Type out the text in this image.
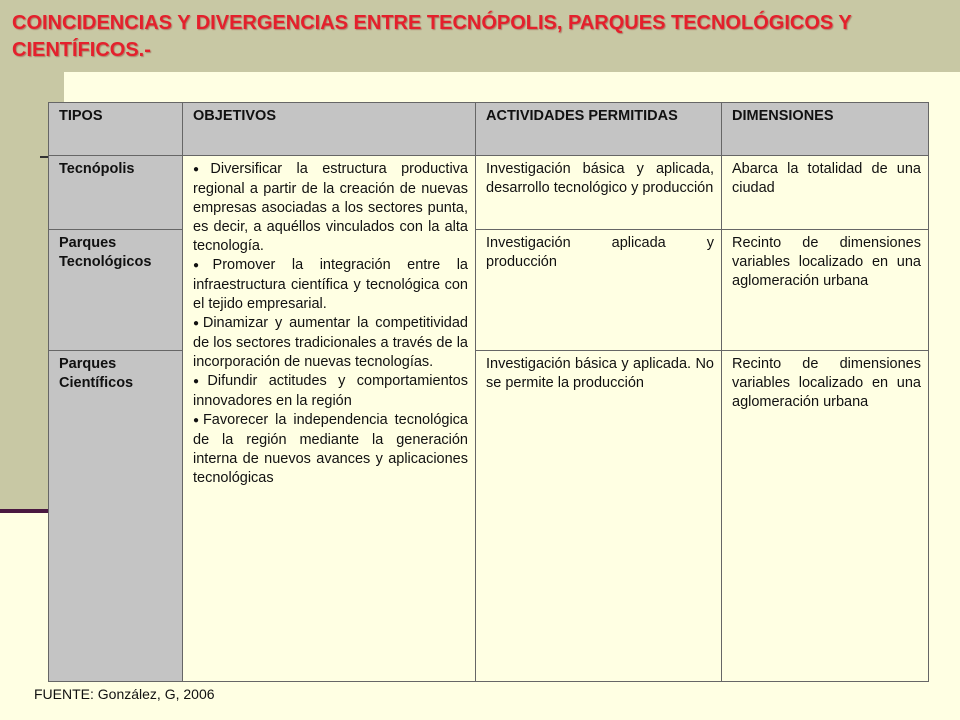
COINCIDENCIAS Y DIVERGENCIAS ENTRE TECNÓPOLIS, PARQUES TECNOLÓGICOS Y CIENTÍFICOS.-
TIPOS	OBJETIVOS	ACTIVIDADES PERMITIDAS	DIMENSIONES
Tecnópolis	● Diversificar la estructura productiva regional a partir de la creación de nuevas empresas asociadas a los sectores punta, es decir, a aquéllos vinculados con la alta tecnología.
● Promover la integración entre la infraestructura científica y tecnológica con el tejido empresarial.
● Dinamizar y aumentar la competitividad de los sectores tradicionales a través de la incorporación de nuevas tecnologías.
● Difundir actitudes y comportamientos innovadores en la región
● Favorecer la independencia tecnológica de la región mediante la generación interna de nuevos avances y aplicaciones tecnológicas	Investigación básica y aplicada, desarrollo tecnológico y producción	Abarca la totalidad de una ciudad
Parques Tecnológicos		Investigación aplicada y producción	Recinto de dimensiones variables localizado en una aglomeración urbana
Parques Científicos		Investigación básica y aplicada. No se permite la producción	Recinto de dimensiones variables localizado en una aglomeración urbana
FUENTE: González, G, 2006
